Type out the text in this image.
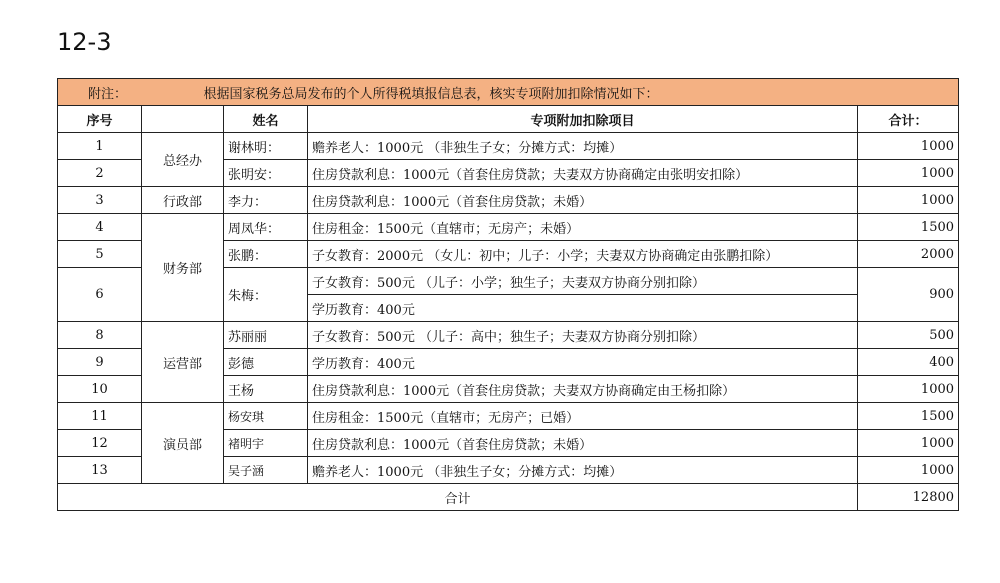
12-3
附注：	根据国家税务总局发布的个人所得税填报信息表，核实专项附加扣除情况如下：			
序号		姓名	专项附加扣除项目	合计：
1	总经办	谢林明：	赡养老人：1000元 （非独生子女；分摊方式：均摊）	1000
2		张明安：	住房贷款利息：1000元（首套住房贷款；夫妻双方协商确定由张明安扣除）	1000
3	行政部	李力：	住房贷款利息：1000元（首套住房贷款；未婚）	1000
4	财务部	周凤华：	住房租金：1500元（直辖市；无房产；未婚）	1500
5		张鹏：	子女教育：2000元 （女儿：初中；儿子：小学；夫妻双方协商确定由张鹏扣除）	2000
6		朱梅：	子女教育：500元 （儿子：小学；独生子；夫妻双方协商分别扣除）	900
			学历教育：400元	
8	运营部	苏丽丽	子女教育：500元 （儿子：高中；独生子；夫妻双方协商分别扣除）	500
9		彭德	学历教育：400元	400
10		王杨	住房贷款利息：1000元（首套住房贷款；夫妻双方协商确定由王杨扣除）	1000
11	演员部	杨安琪	住房租金：1500元（直辖市；无房产；已婚）	1500
12		褚明宇	住房贷款利息：1000元（首套住房贷款；未婚）	1000
13		吴子涵	赡养老人：1000元 （非独生子女；分摊方式：均摊）	1000
合计				12800
